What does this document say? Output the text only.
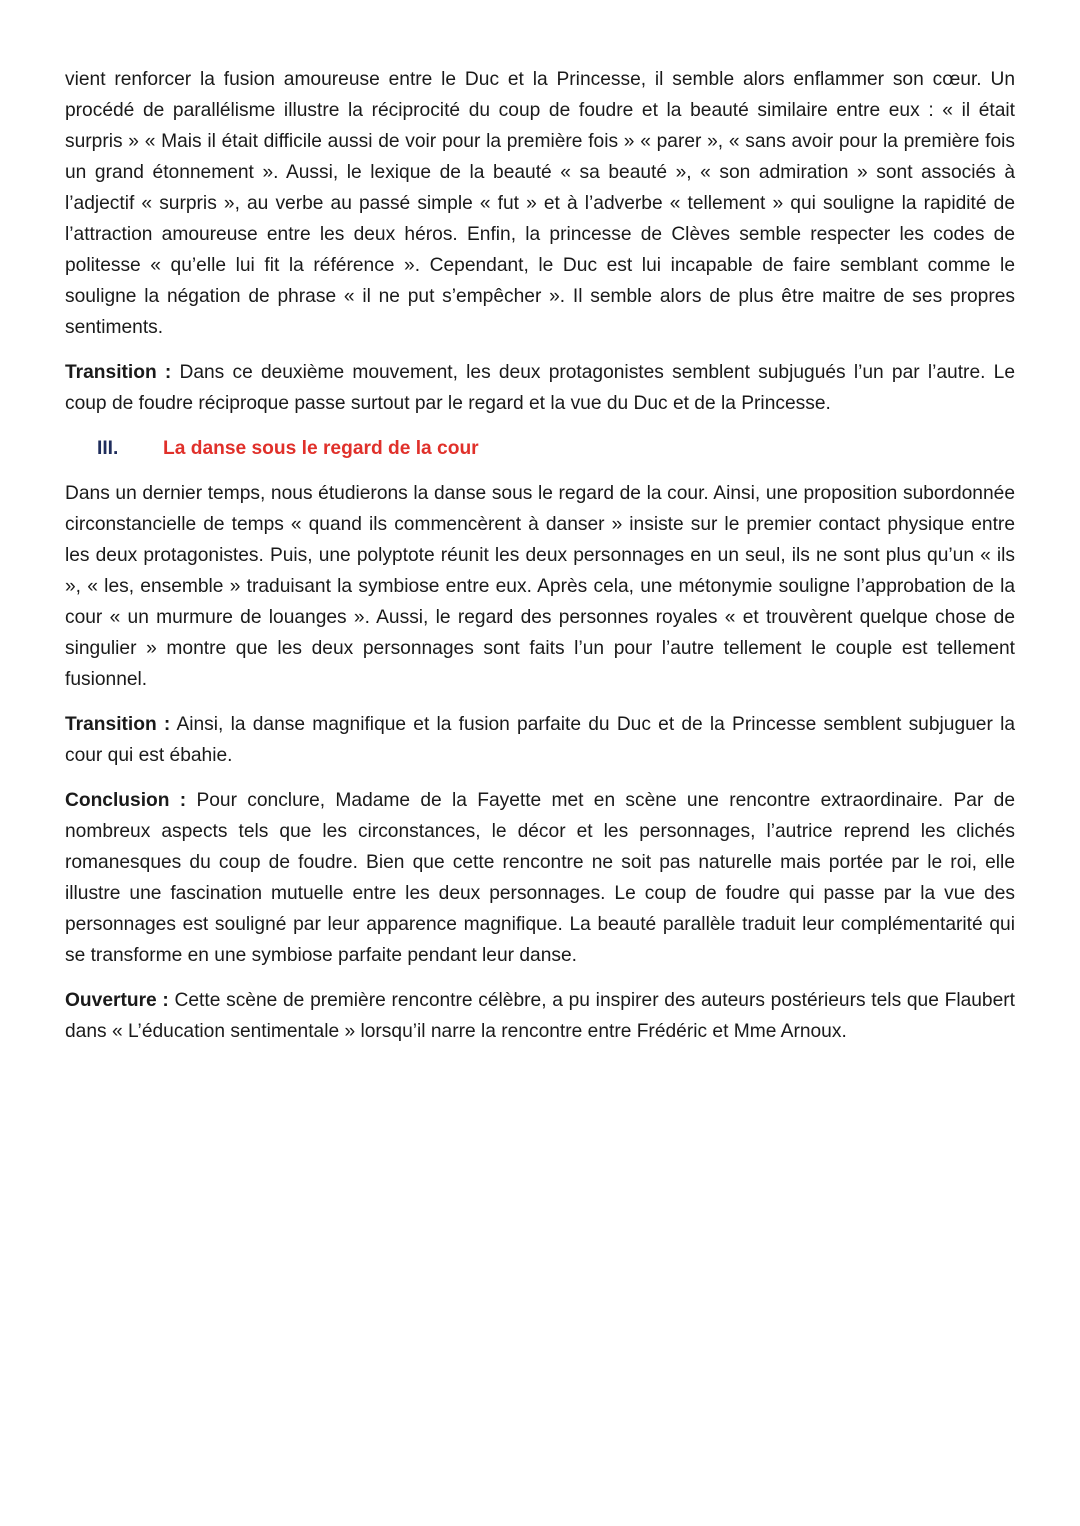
vient renforcer la fusion amoureuse entre le Duc et la Princesse, il semble alors enflammer son cœur. Un procédé de parallélisme illustre la réciprocité du coup de foudre et la beauté similaire entre eux : « il était surpris » « Mais il était difficile aussi de voir pour la première fois » « parer », « sans avoir pour la première fois un grand étonnement ». Aussi, le lexique de la beauté « sa beauté », « son admiration » sont associés à l’adjectif « surpris », au verbe au passé simple « fut » et à l’adverbe « tellement » qui souligne la rapidité de l’attraction amoureuse entre les deux héros. Enfin, la princesse de Clèves semble respecter les codes de politesse « qu’elle lui fit la référence ». Cependant, le Duc est lui incapable de faire semblant comme le souligne la négation de phrase « il ne put s’empêcher ». Il semble alors de plus être maitre de ses propres sentiments.

Transition : Dans ce deuxième mouvement, les deux protagonistes semblent subjugués l’un par l’autre. Le coup de foudre réciproque passe surtout par le regard et la vue du Duc et de la Princesse.

III.	La danse sous le regard de la cour

Dans un dernier temps, nous étudierons la danse sous le regard de la cour. Ainsi, une proposition subordonnée circonstancielle de temps « quand ils commencèrent à danser » insiste sur le premier contact physique entre les deux protagonistes. Puis, une polyptote réunit les deux personnages en un seul, ils ne sont plus qu’un « ils », « les, ensemble » traduisant la symbiose entre eux. Après cela, une métonymie souligne l’approbation de la cour « un murmure de louanges ». Aussi, le regard des personnes royales « et trouvèrent quelque chose de singulier » montre que les deux personnages sont faits l’un pour l’autre tellement le couple est tellement fusionnel.

Transition : Ainsi, la danse magnifique et la fusion parfaite du Duc et de la Princesse semblent subjuguer la cour qui est ébahie.

Conclusion : Pour conclure, Madame de la Fayette met en scène une rencontre extraordinaire. Par de nombreux aspects tels que les circonstances, le décor et les personnages, l’autrice reprend les clichés romanesques du coup de foudre. Bien que cette rencontre ne soit pas naturelle mais portée par le roi, elle illustre une fascination mutuelle entre les deux personnages. Le coup de foudre qui passe par la vue des personnages est souligné par leur apparence magnifique. La beauté parallèle traduit leur complémentarité qui se transforme en une symbiose parfaite pendant leur danse.

Ouverture : Cette scène de première rencontre célèbre, a pu inspirer des auteurs postérieurs tels que Flaubert dans « L’éducation sentimentale » lorsqu’il narre la rencontre entre Frédéric et Mme Arnoux.
